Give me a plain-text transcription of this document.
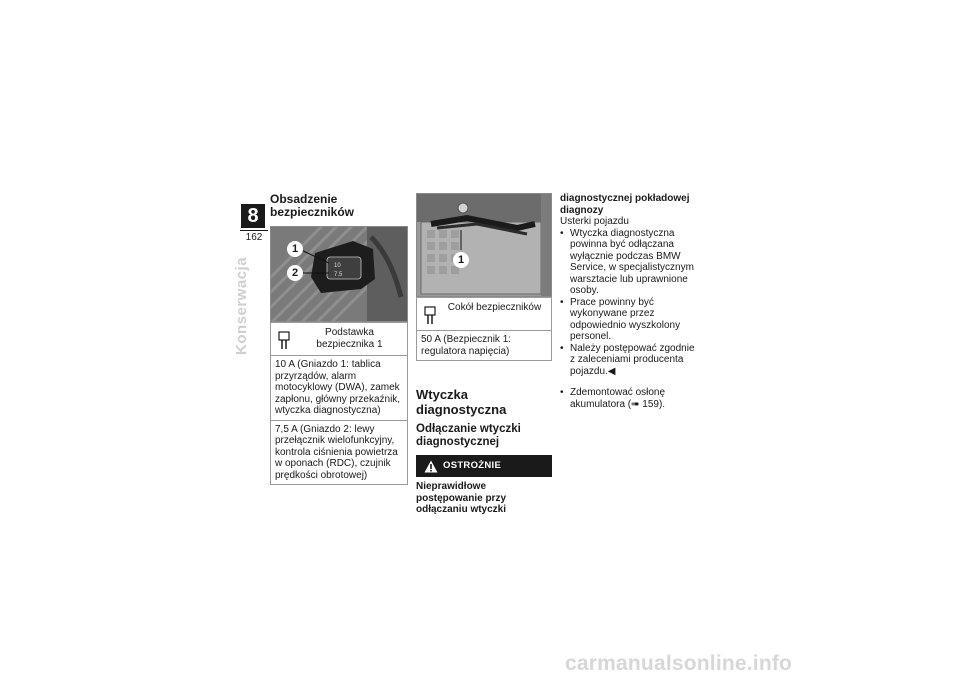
8
162
Konserwacja
Obsadzenie bezpieczników
10
7.5
1
2
Podstawka bezpiecznika 1
10 A (Gniazdo 1: tablica przyrządów, alarm motocyklowy (DWA), zamek zapłonu, główny przekaźnik, wtyczka diagnostyczna)
7,5 A (Gniazdo 2: lewy przełącznik wielofunkcyjny, kontrola ciśnienia powietrza w oponach (RDC), czujnik prędkości obrotowej)
1
Cokół bezpieczników
50 A (Bezpiecznik 1: regulatora napięcia)
Wtyczka diagnostyczna
Odłączanie wtyczki diagnostycznej
OSTROŻNIE
Nieprawidłowe postępowanie przy odłączaniu wtyczki
diagnostycznej pokładowej diagnozy
Usterki pojazdu
• Wtyczka diagnostyczna powinna być odłączana wyłącznie podczas BMW Service, w specjalistycznym warsztacie lub uprawnione osoby.
• Prace powinny być wykonywane przez odpowiednio wyszkolony personel.
• Należy postępować zgodnie z zaleceniami producenta pojazdu.◀
• Zdemontować osłonę akumulatora (➠ 159).
carmanualsonline.info
